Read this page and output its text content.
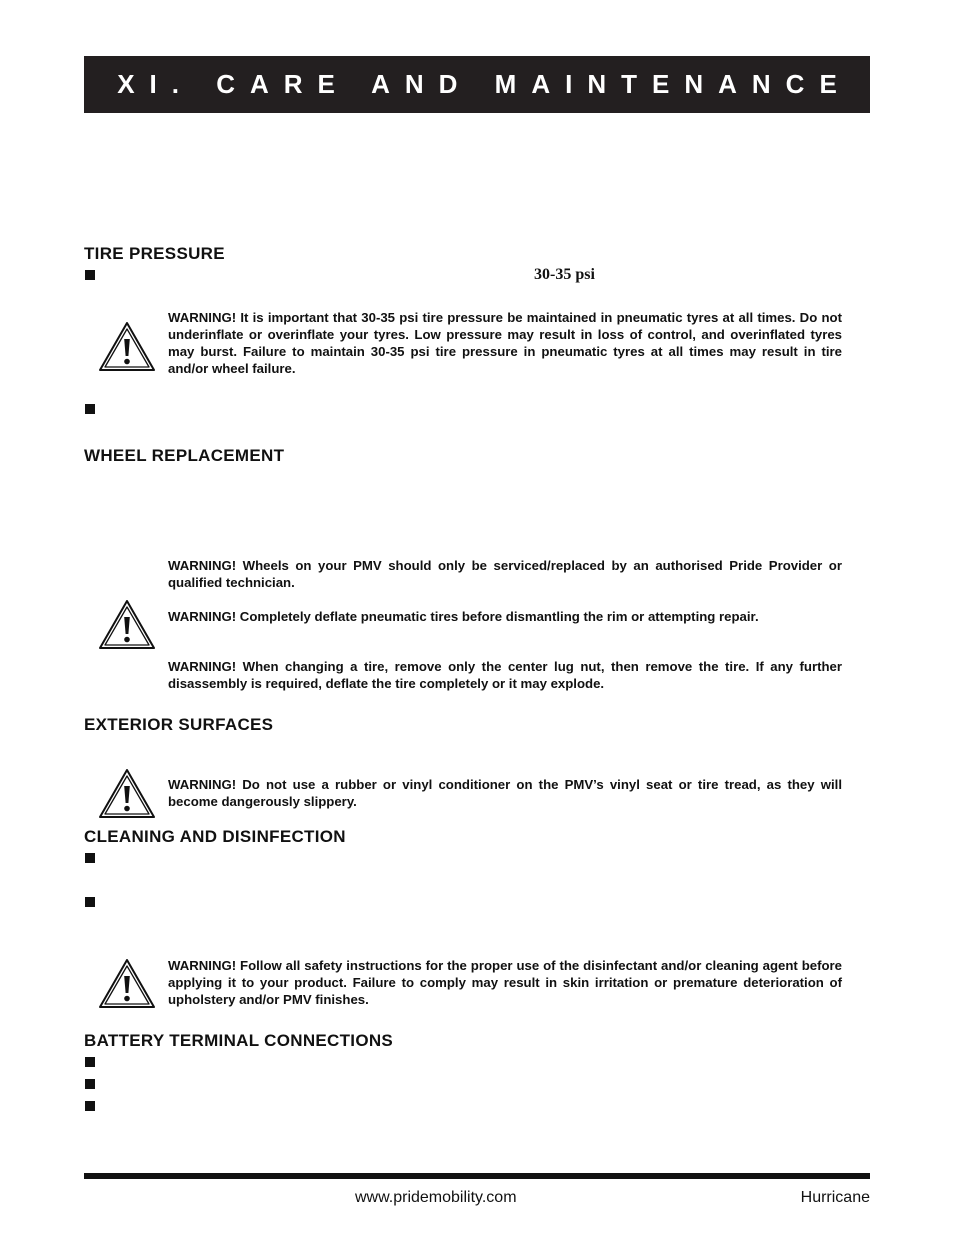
XI. CARE AND MAINTENANCE
TIRE PRESSURE
30-35 psi
WARNING! It is important that 30-35 psi tire pressure be maintained in pneumatic tyres at all times. Do not underinflate or overinflate your tyres. Low pressure may result in loss of control, and overinflated tyres may burst. Failure to maintain 30-35 psi tire pressure in pneumatic tyres at all times may result in tire and/or wheel failure.
WHEEL REPLACEMENT
WARNING! Wheels on your PMV should only be serviced/replaced by an authorised Pride Provider or qualified technician.
WARNING! Completely deflate pneumatic tires before dismantling the rim or attempting repair.
WARNING! When changing a tire, remove only the center lug nut, then remove the tire. If any further disassembly is required, deflate the tire completely or it may explode.
EXTERIOR SURFACES
WARNING! Do not use a rubber or vinyl conditioner on the PMV’s vinyl seat or tire tread, as they will become dangerously slippery.
CLEANING AND DISINFECTION
WARNING! Follow all safety instructions for the proper use of the disinfectant and/or cleaning agent before applying it to your product. Failure to comply may result in skin irritation or premature deterioration of upholstery and/or PMV finishes.
BATTERY TERMINAL CONNECTIONS
www.pridemobility.com	Hurricane
